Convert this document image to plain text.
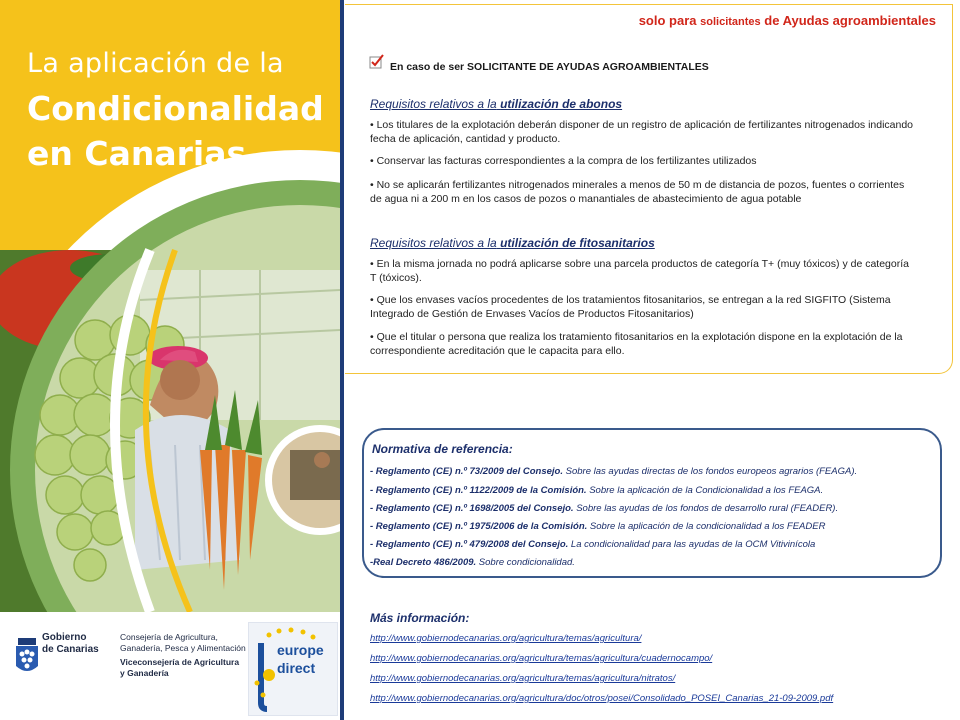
La aplicación de la
Condicionalidad
en Canarias
Gobierno
de Canarias
Consejería de Agricultura,
Ganadería, Pesca y Alimentación
Viceconsejería de Agricultura
y Ganadería
europe
direct
solo para solicitantes de Ayudas agroambientales
En caso de ser SOLICITANTE DE AYUDAS AGROAMBIENTALES
Requisitos relativos a la utilización de abonos
• Los titulares de la explotación deberán disponer de un registro de aplicación de fertilizantes nitrogenados indicando fecha de aplicación, cantidad y producto.
• Conservar las facturas correspondientes a la compra de los fertilizantes utilizados
• No se aplicarán fertilizantes nitrogenados minerales a menos de 50 m de distancia de pozos, fuentes o corrientes de agua ni a 200 m en los casos de pozos o manantiales de abastecimiento de agua potable
Requisitos relativos a la utilización de fitosanitarios
• En la misma jornada no podrá aplicarse sobre una parcela productos de categoría T+ (muy tóxicos) y de categoría T (tóxicos).
• Que los envases vacíos procedentes de los tratamientos fitosanitarios, se entregan a la red SIGFITO (Sistema Integrado de Gestión de Envases Vacíos de Productos Fitosanitarios)
• Que el titular o persona que realiza los tratamiento fitosanitarios en la explotación dispone en la explotación de la correspondiente acreditación que le capacita para ello.
Normativa de referencia:
- Reglamento (CE) n.º 73/2009 del Consejo. Sobre las ayudas directas de los fondos europeos agrarios (FEAGA).
- Reglamento (CE) n.º 1122/2009 de la Comisión. Sobre la aplicación de la Condicionalidad a los FEAGA.
- Reglamento (CE) n.º 1698/2005 del Consejo. Sobre las ayudas de los fondos de desarrollo rural (FEADER).
- Reglamento (CE) n.º 1975/2006 de la Comisión. Sobre la aplicación de la condicionalidad a los FEADER
- Reglamento (CE) n.º 479/2008 del Consejo. La condicionalidad para las ayudas de la OCM Vitivinícola
-Real Decreto 486/2009. Sobre condicionalidad.
Más información:
http://www.gobiernodecanarias.org/agricultura/temas/agricultura/
http://www.gobiernodecanarias.org/agricultura/temas/agricultura/cuadernocampo/
http://www.gobiernodecanarias.org/agricultura/temas/agricultura/nitratos/
http://www.gobiernodecanarias.org/agricultura/doc/otros/posei/Consolidado_POSEI_Canarias_21-09-2009.pdf
